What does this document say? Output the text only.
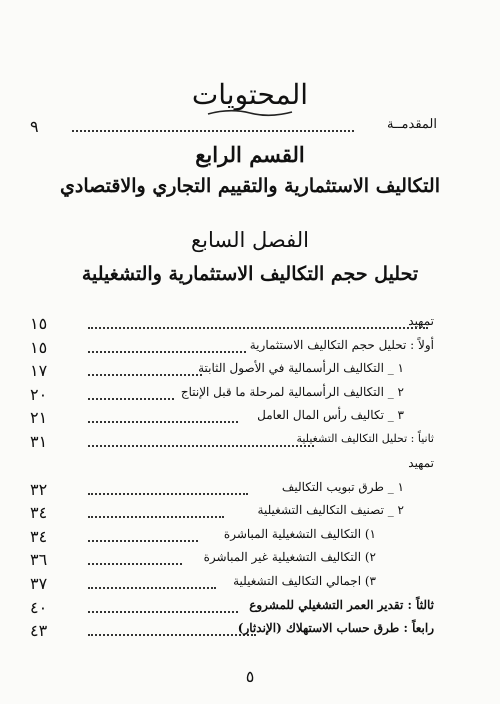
المحتويات
٩	المقدمــة
القسم الرابع
التكاليف الاستثمارية والتقييم التجاري والاقتصادي
الفصل السابع
تحليل حجم التكاليف الاستثمارية والتشغيلية
١٥	تمهيد
١٥	أولاً : تحليل حجم التكاليف الاستثمارية
١٧	١ _ التكاليف الرأسمالية في الأصول الثابتة
٢٠	٢ _ التكاليف الرأسمالية لمرحلة ما قبل الإنتاج
٢١	٣ _ تكاليف رأس المال العامل
٣١	ثانياً : تحليل التكاليف التشغيلية
تمهيد
٣٢	١ _ طرق تبويب التكاليف
٣٤	٢ _ تصنيف التكاليف التشغيلية
٣٤	١) التكاليف التشغيلية المباشرة
٣٦	٢) التكاليف التشغيلية غير المباشرة
٣٧	٣) اجمالي التكاليف التشغيلية
٤٠	ثالثاً : تقدير العمر التشغيلي للمشروع
٤٣	رابعاً : طرق حساب الاستهلاك (الإندثار)
٥
